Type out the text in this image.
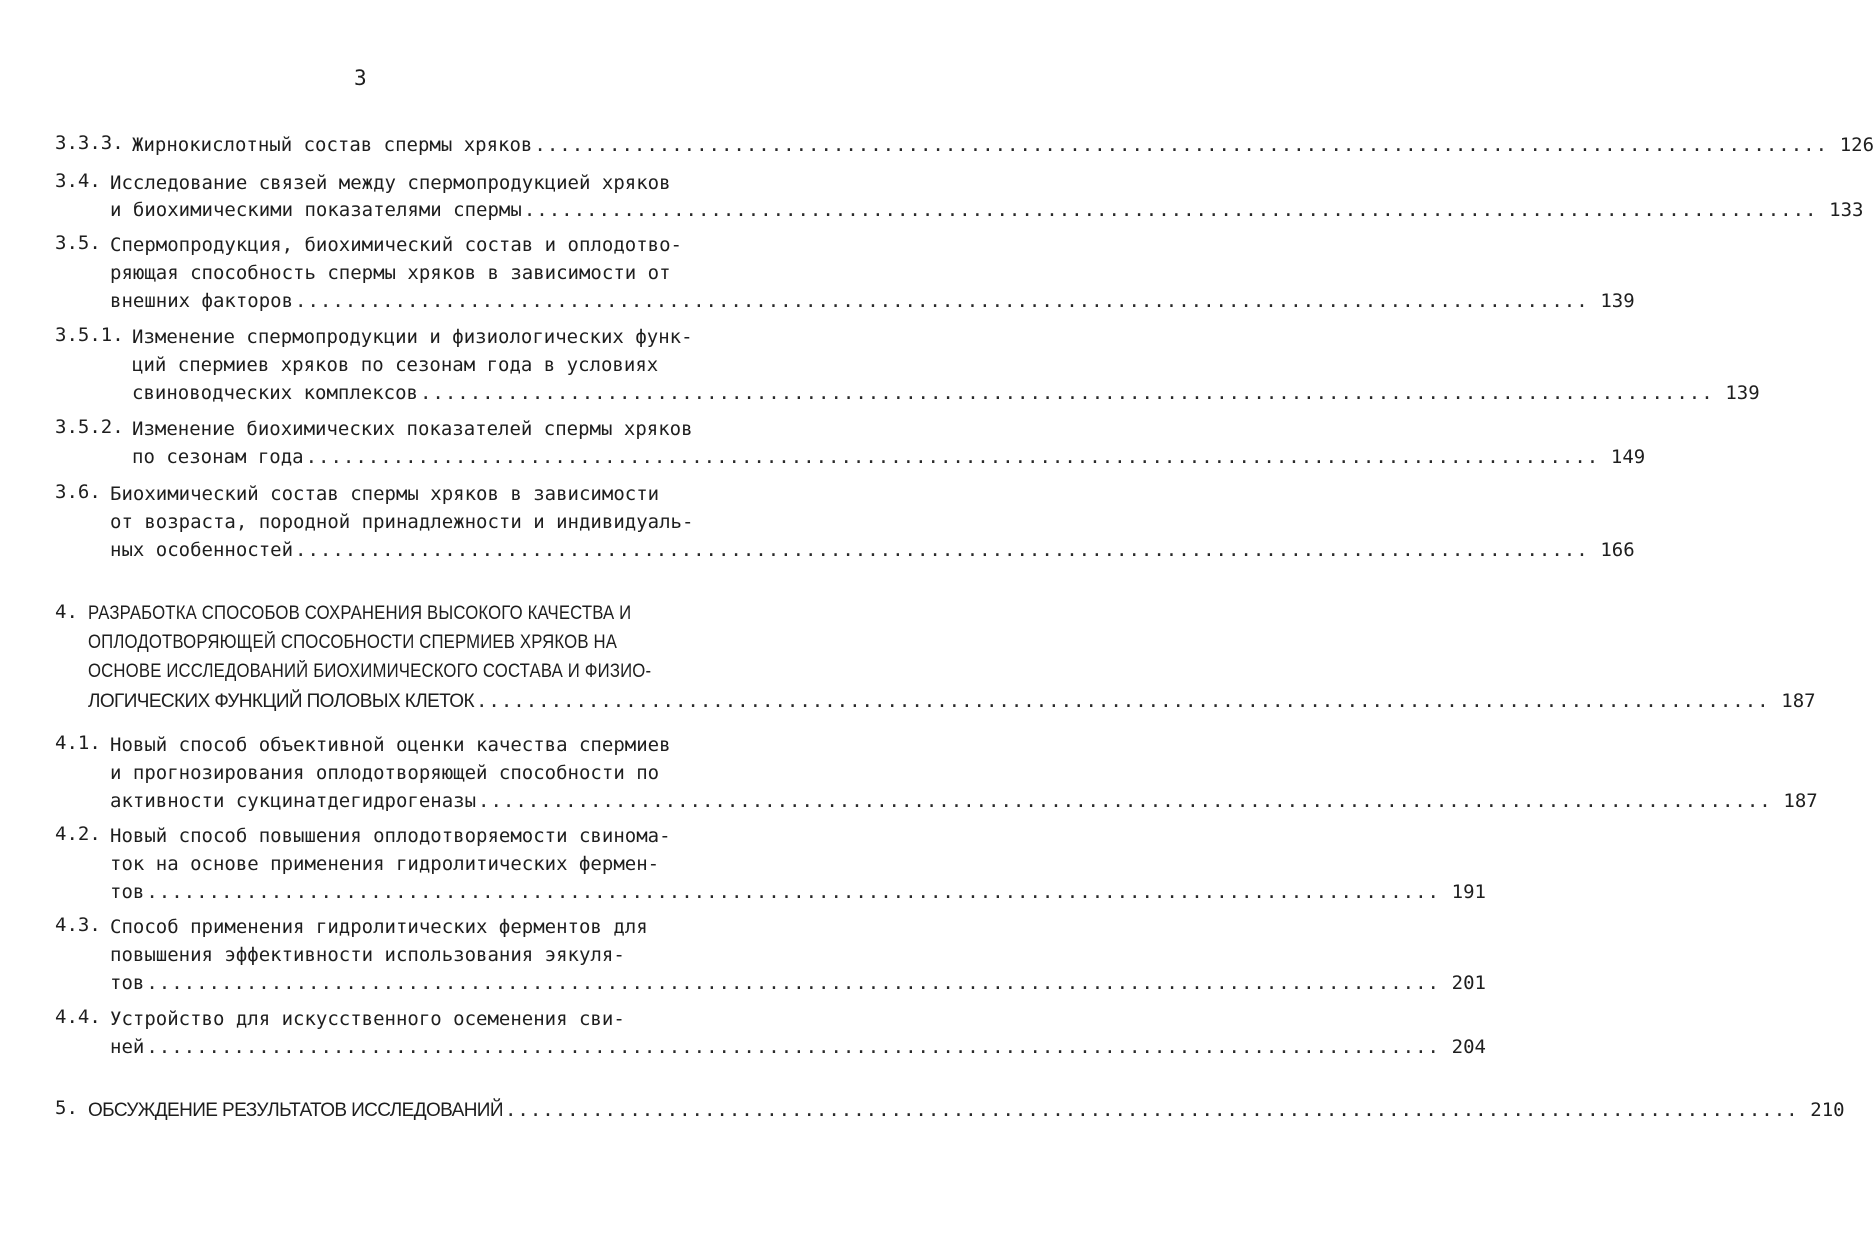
3
3.3.3. Жирнокислотный состав спермы хряков ........................................................................................................ 126
3.4. Исследование связей между спермопродукцией хряков
и биохимическими показателями спермы ........................................................................................................ 133
3.5. Спермопродукция, биохимический состав и оплодотво-
ряющая способность спермы хряков в зависимости от
внешних факторов ........................................................................................................ 139
3.5.1. Изменение спермопродукции и физиологических функ-
ций спермиев хряков по сезонам года в условиях
свиноводческих комплексов ........................................................................................................ 139
3.5.2. Изменение биохимических показателей спермы хряков
по сезонам года ........................................................................................................ 149
3.6. Биохимический состав спермы хряков в зависимости
от возраста, породной принадлежности и индивидуаль-
ных особенностей ........................................................................................................ 166
4. РАЗРАБОТКА СПОСОБОВ СОХРАНЕНИЯ ВЫСОКОГО КАЧЕСТВА И
ОПЛОДОТВОРЯЮЩЕЙ СПОСОБНОСТИ СПЕРМИЕВ ХРЯКОВ НА
ОСНОВЕ ИССЛЕДОВАНИЙ БИОХИМИЧЕСКОГО СОСТАВА И ФИЗИО-
ЛОГИЧЕСКИХ ФУНКЦИЙ ПОЛОВЫХ КЛЕТОК ........................................................................................................ 187
4.1. Новый способ объективной оценки качества спермиев
и прогнозирования оплодотворяющей способности по
активности сукцинатдегидрогеназы ........................................................................................................ 187
4.2. Новый способ повышения оплодотворяемости свинома-
ток на основе применения гидролитических фермен-
тов ........................................................................................................ 191
4.3. Способ применения гидролитических ферментов для
повышения эффективности использования эякуля-
тов ........................................................................................................ 201
4.4. Устройство для искусственного осеменения сви-
ней ........................................................................................................ 204
5. ОБСУЖДЕНИЕ РЕЗУЛЬТАТОВ ИССЛЕДОВАНИЙ ........................................................................................................ 210
